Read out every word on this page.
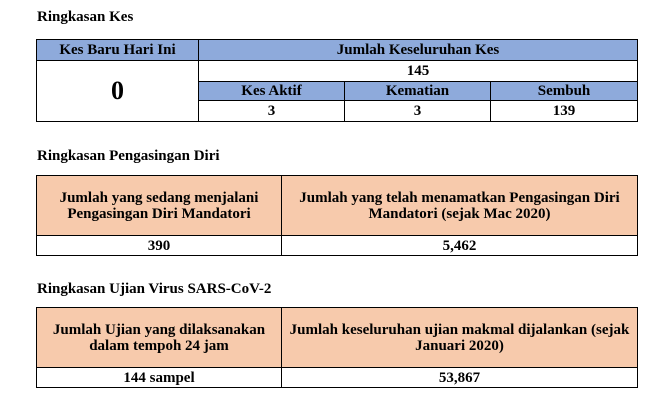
Ringkasan Kes
Kes Baru Hari Ini	Jumlah Keseluruhan Kes		
0	145		
	Kes Aktif	Kematian	Sembuh
	3	3	139
Ringkasan Pengasingan Diri
Jumlah yang sedang menjalani Pengasingan Diri Mandatori	Jumlah yang telah menamatkan Pengasingan Diri Mandatori (sejak Mac 2020)
390	5,462
Ringkasan Ujian Virus SARS-CoV-2
Jumlah Ujian yang dilaksanakan dalam tempoh 24 jam	Jumlah keseluruhan ujian makmal dijalankan (sejak Januari 2020)
144 sampel	53,867
